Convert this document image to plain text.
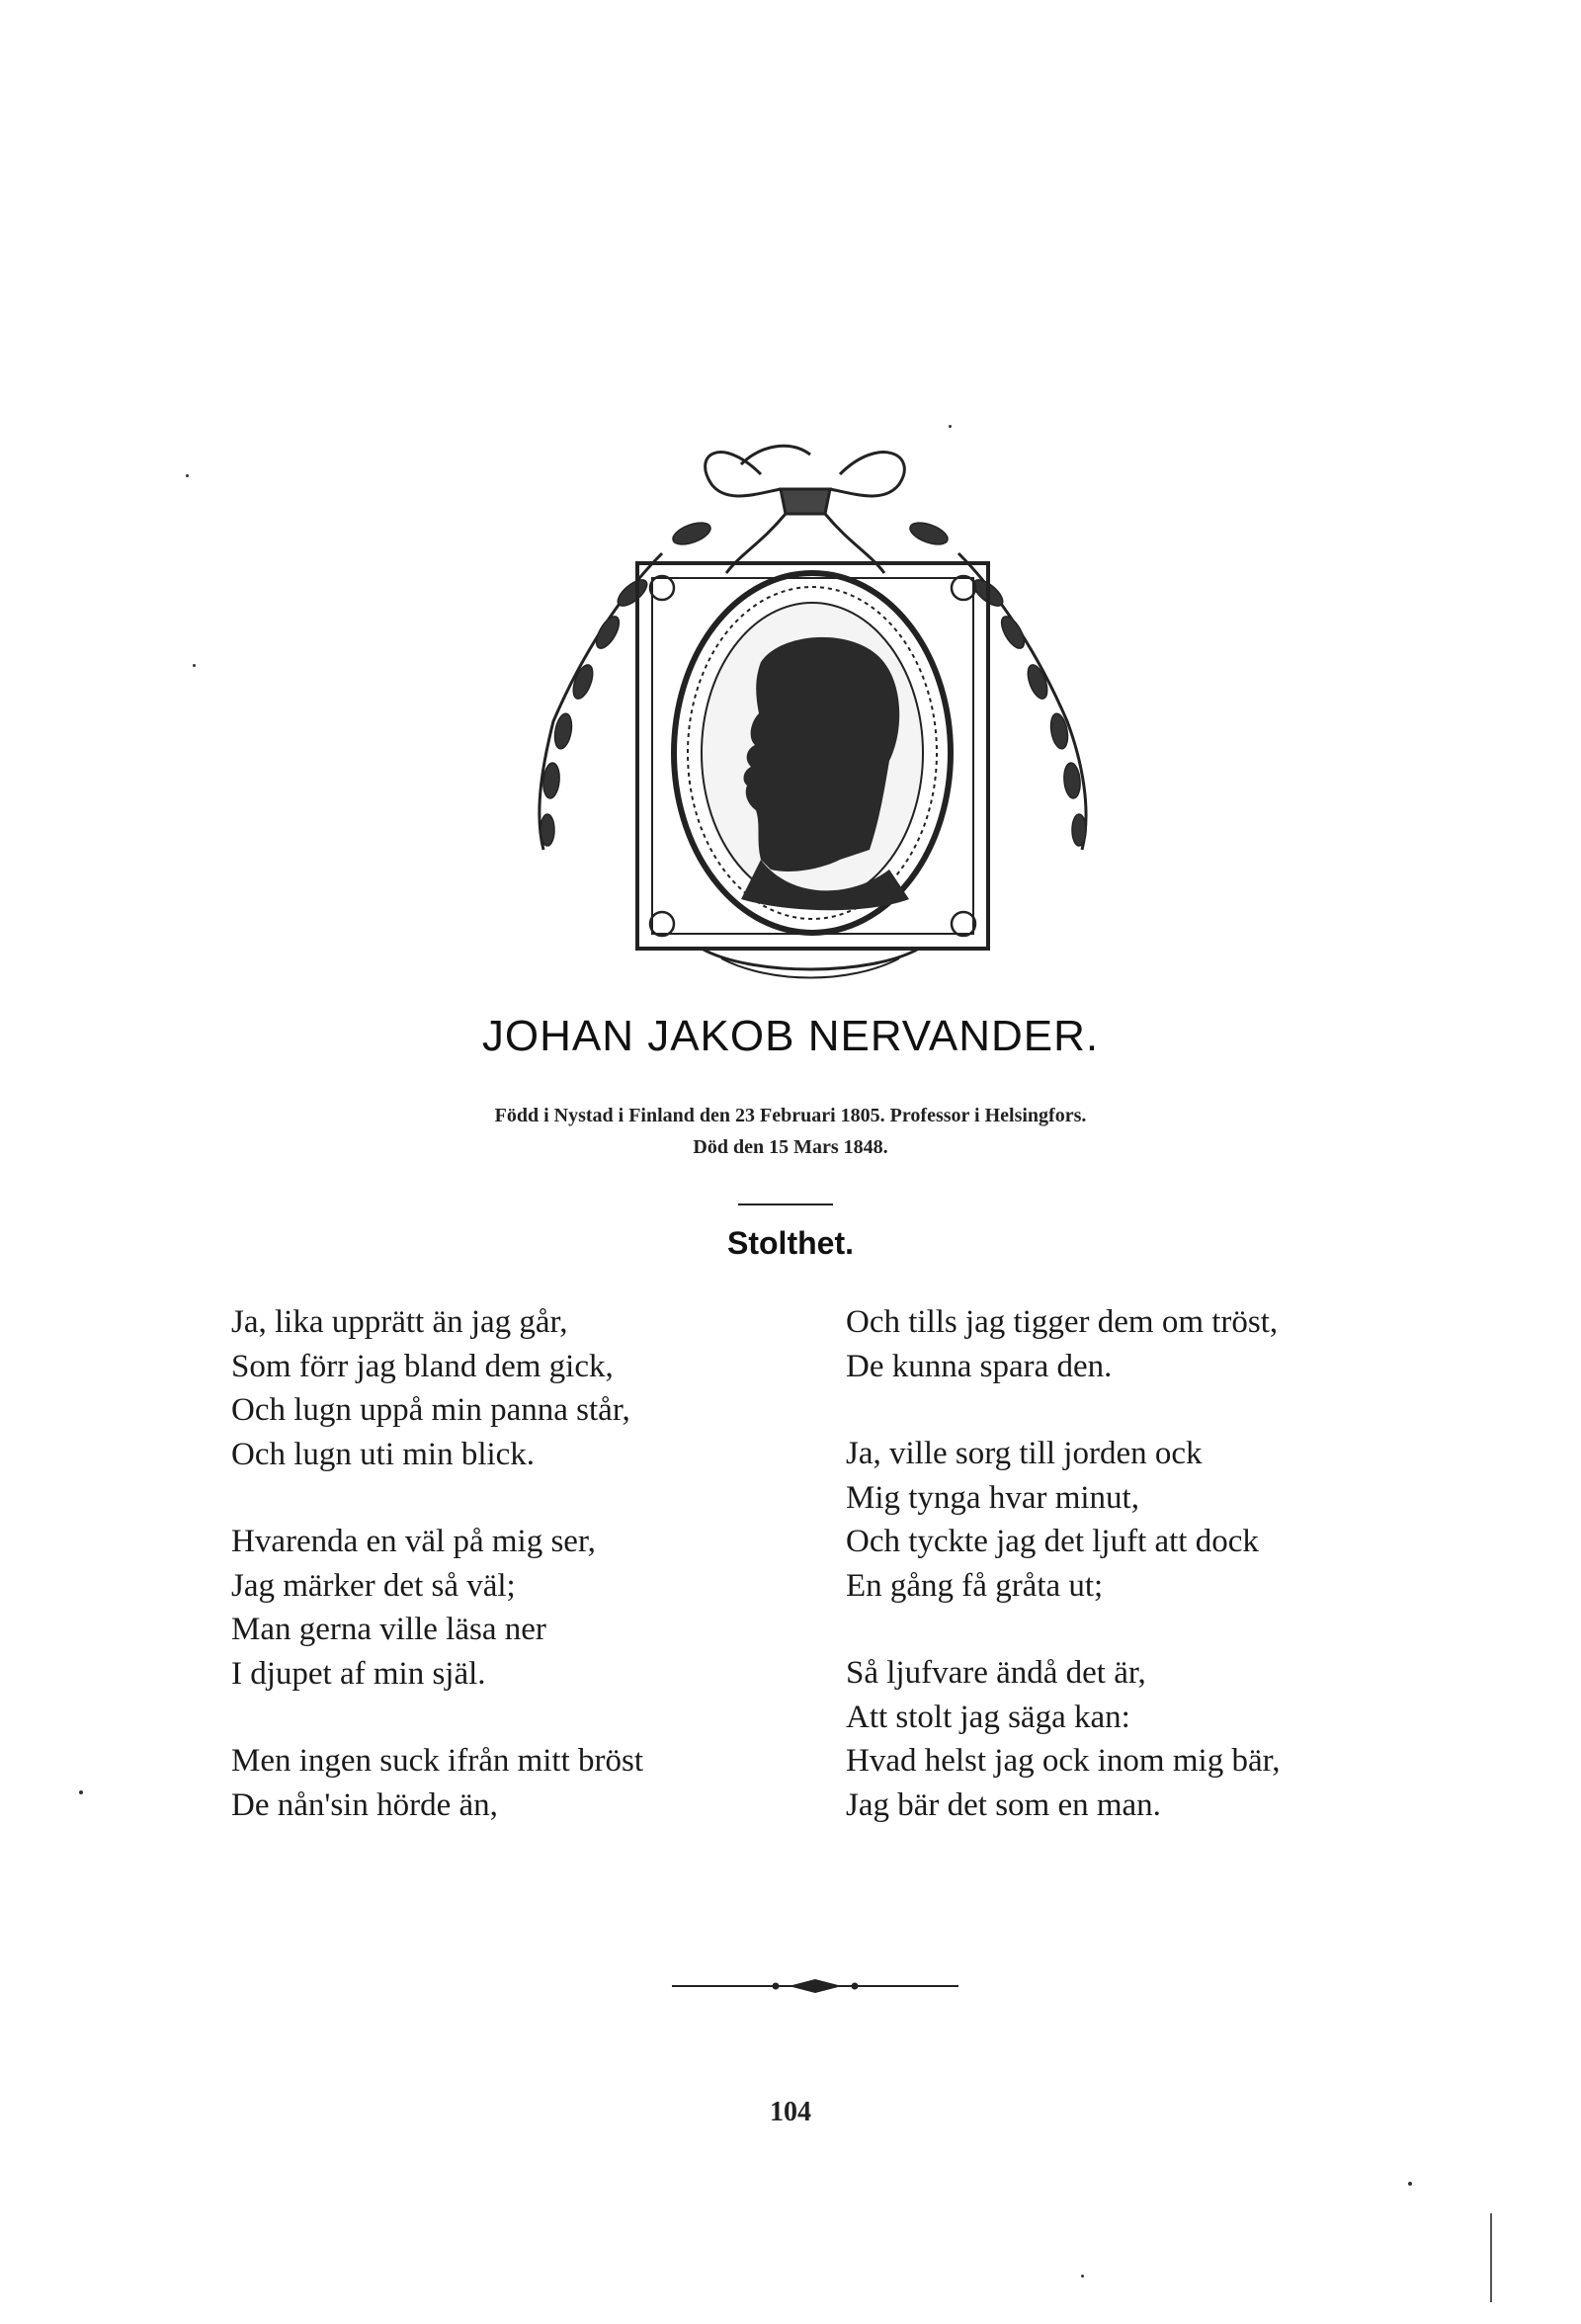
JOHAN JAKOB NERVANDER.
Född i Nystad i Finland den 23 Februari 1805. Professor i Helsingfors.
Död den 15 Mars 1848.
Stolthet.
Ja, lika upprätt än jag går,
Som förr jag bland dem gick,
Och lugn uppå min panna står,
Och lugn uti min blick.
Hvarenda en väl på mig ser,
Jag märker det så väl;
Man gerna ville läsa ner
I djupet af min själ.
Men ingen suck ifrån mitt bröst
De nån'sin hörde än,
Och tills jag tigger dem om tröst,
De kunna spara den.
Ja, ville sorg till jorden ock
Mig tynga hvar minut,
Och tyckte jag det ljuft att dock
En gång få gråta ut;
Så ljufvare ändå det är,
Att stolt jag säga kan:
Hvad helst jag ock inom mig bär,
Jag bär det som en man.
104
